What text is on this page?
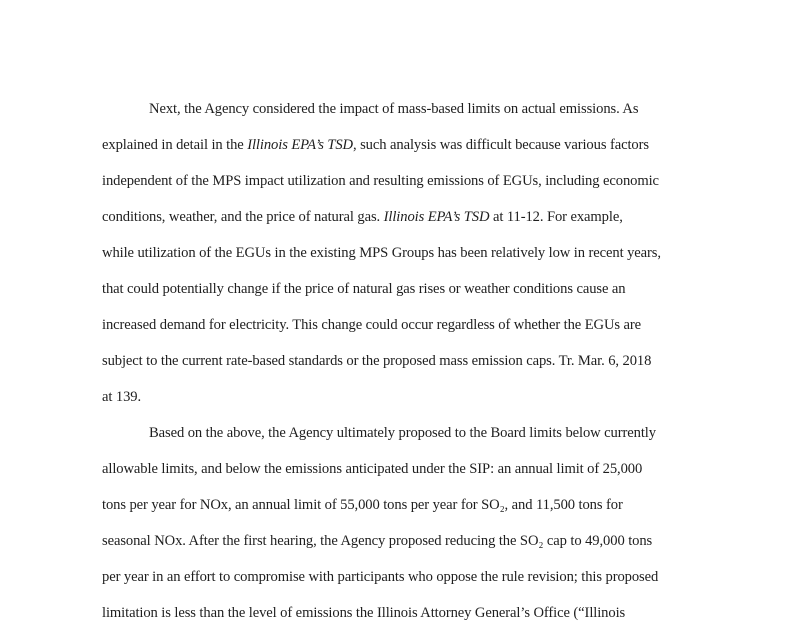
Next, the Agency considered the impact of mass-based limits on actual emissions. As
explained in detail in the Illinois EPA’s TSD, such analysis was difficult because various factors
independent of the MPS impact utilization and resulting emissions of EGUs, including economic
conditions, weather, and the price of natural gas. Illinois EPA’s TSD at 11-12. For example,
while utilization of the EGUs in the existing MPS Groups has been relatively low in recent years,
that could potentially change if the price of natural gas rises or weather conditions cause an
increased demand for electricity. This change could occur regardless of whether the EGUs are
subject to the current rate-based standards or the proposed mass emission caps. Tr. Mar. 6, 2018
at 139.
Based on the above, the Agency ultimately proposed to the Board limits below currently
allowable limits, and below the emissions anticipated under the SIP: an annual limit of 25,000
tons per year for NOx, an annual limit of 55,000 tons per year for SO₂, and 11,500 tons for
seasonal NOx. After the first hearing, the Agency proposed reducing the SO₂ cap to 49,000 tons
per year in an effort to compromise with participants who oppose the rule revision; this proposed
limitation is less than the level of emissions the Illinois Attorney General’s Office (“Illinois
